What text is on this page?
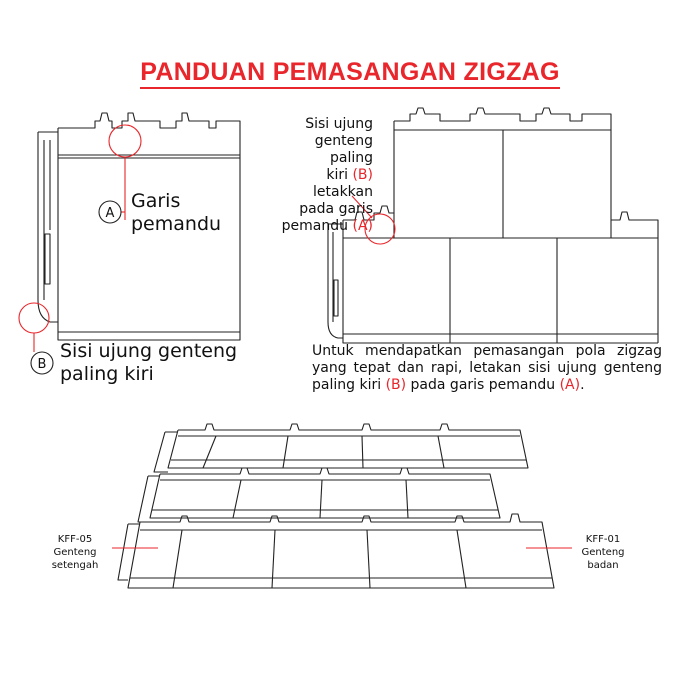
PANDUAN PEMASANGAN ZIGZAG
A
B
Garis
pemandu
Sisi ujung genteng
paling kiri
Sisi ujung
genteng paling
kiri (B) letakkan
pada garis
pemandu (A)
Untuk mendapatkan pemasangan pola zigzag yang tepat dan rapi, letakan sisi ujung genteng paling kiri (B) pada garis pemandu (A).
KFF-05
Genteng
setengah
KFF-01
Genteng
badan
